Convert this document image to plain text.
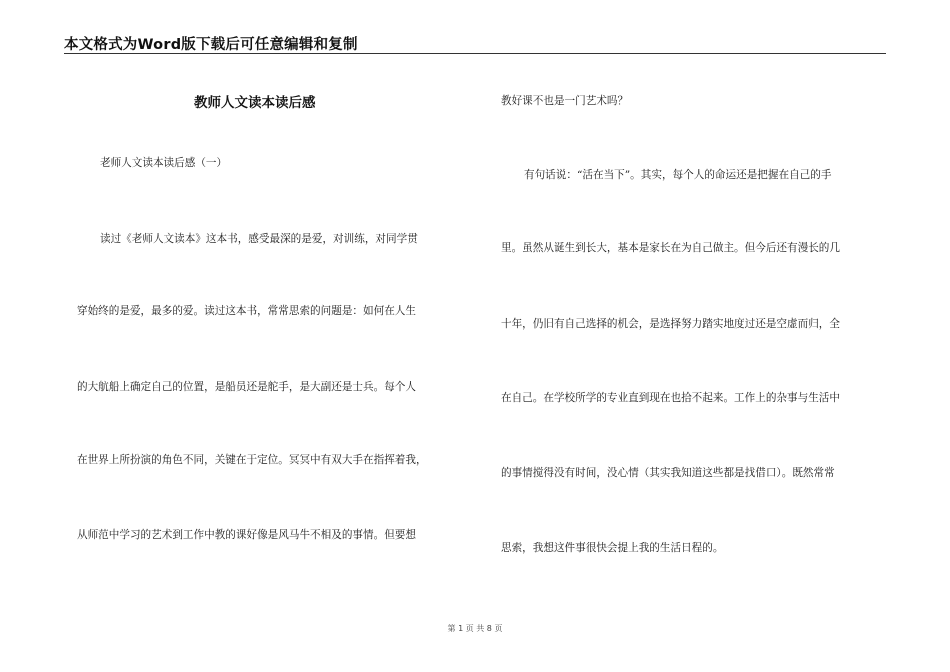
本文格式为Word版下载后可任意编辑和复制
教师人文读本读后感
老师人文读本读后感（一）
读过《老师人文读本》这本书，感受最深的是爱，对训练，对同学贯
穿始终的是爱，最多的爱。读过这本书，常常思索的问题是：如何在人生
的大航船上确定自己的位置，是船员还是舵手，是大副还是士兵。每个人
在世界上所扮演的角色不同，关键在于定位。冥冥中有双大手在指挥着我，
从师范中学习的艺术到工作中教的课好像是风马牛不相及的事情。但要想
教好课不也是一门艺术吗？
有句话说：“活在当下”。其实，每个人的命运还是把握在自己的手
里。虽然从诞生到长大，基本是家长在为自己做主。但今后还有漫长的几
十年，仍旧有自己选择的机会，是选择努力踏实地度过还是空虚而归，全
在自己。在学校所学的专业直到现在也拾不起来。工作上的杂事与生活中
的事情搅得没有时间，没心情（其实我知道这些都是找借口）。既然常常
思索，我想这件事很快会提上我的生活日程的。
第 1 页 共 8 页
